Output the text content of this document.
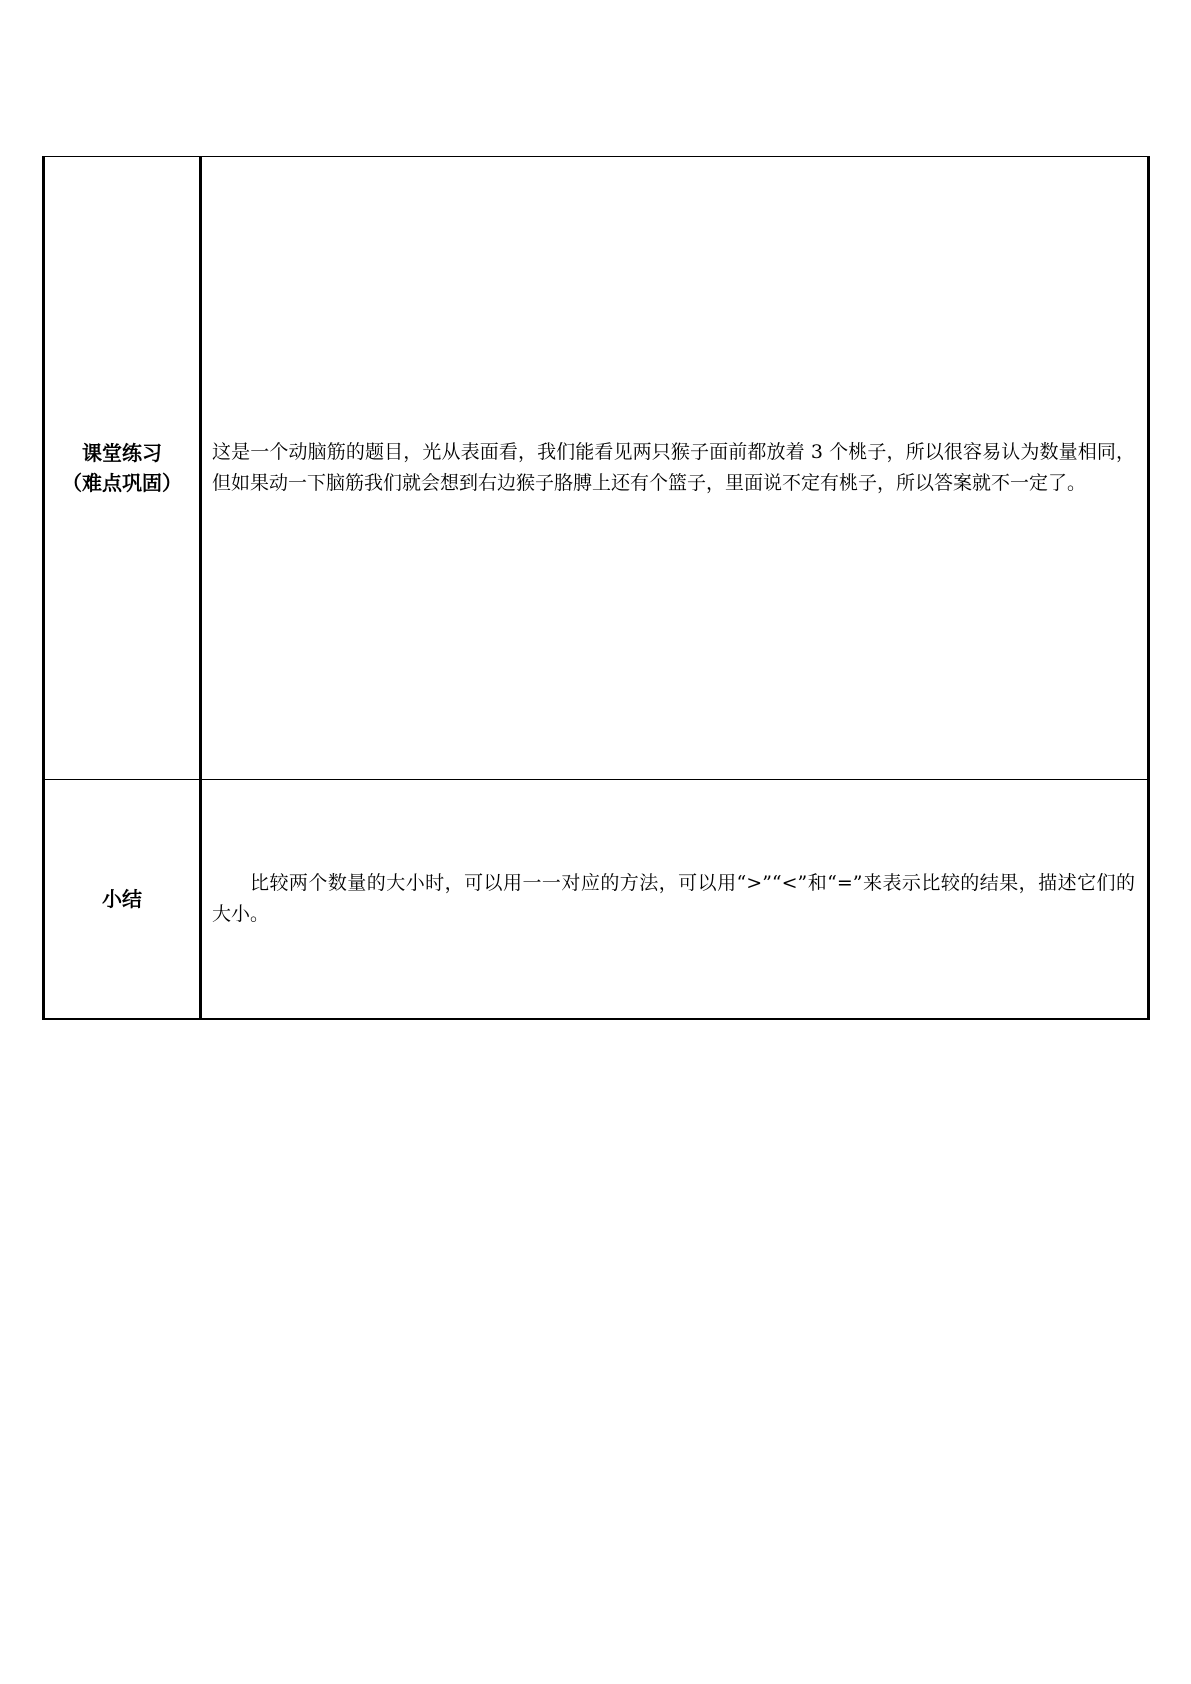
课堂练习
（难点巩固）	这是一个动脑筋的题目，光从表面看，我们能看见两只猴子面前都放着 3 个桃子，所以很容易认为数量相同，但如果动一下脑筋我们就会想到右边猴子胳膊上还有个篮子，里面说不定有桃子，所以答案就不一定了。

小结	比较两个数量的大小时，可以用一一对应的方法，可以用“>”“<”和“=”来表示比较的结果，描述它们的大小。
